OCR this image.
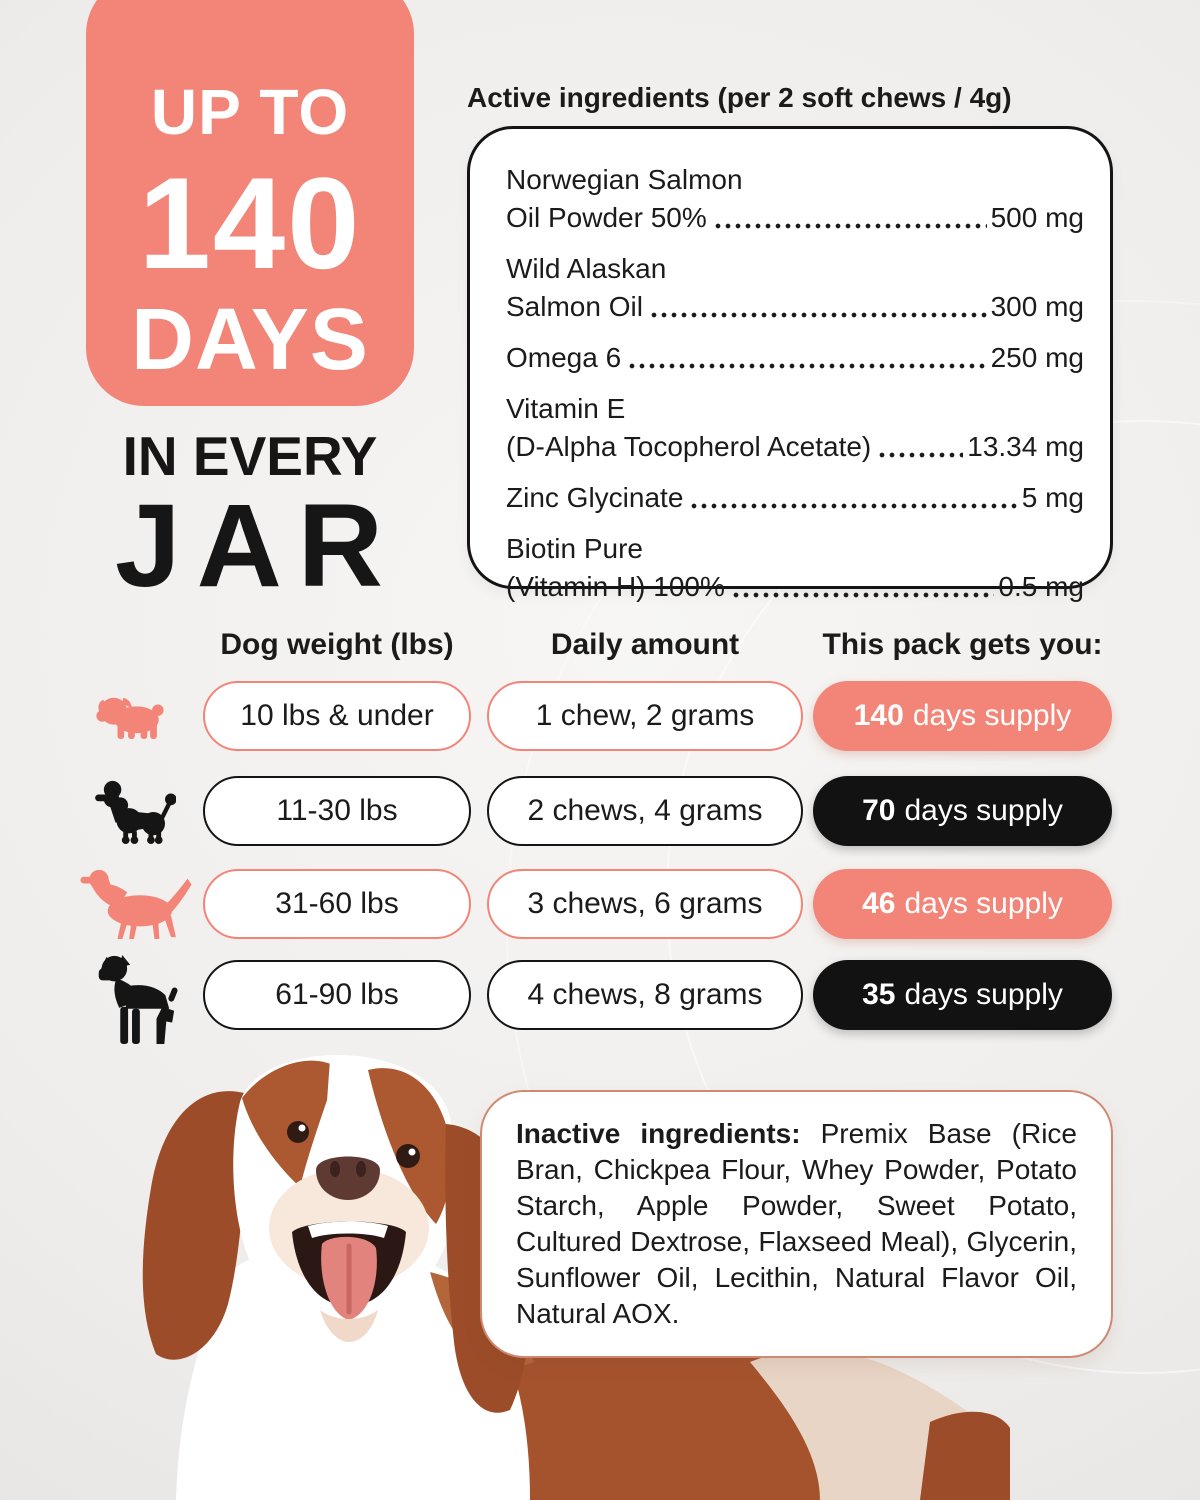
UP TO
140
DAYS
IN EVERY
JAR
Active ingredients (per 2 soft chews / 4g)
Norwegian Salmon
Oil Powder 50%	500 mg
Wild Alaskan
Salmon Oil	300 mg
Omega 6	250 mg
Vitamin E
(D-Alpha Tocopherol Acetate)	13.34 mg
Zinc Glycinate	5 mg
Biotin Pure
(Vitamin H) 100%	0.5 mg
Dog weight (lbs)	Daily amount	This pack gets you:
10 lbs & under	1 chew, 2 grams	140 days supply
11-30 lbs	2 chews, 4 grams	70 days supply
31-60 lbs	3 chews, 6 grams	46 days supply
61-90 lbs	4 chews, 8 grams	35 days supply

Inactive ingredients: Premix Base (Rice Bran, Chickpea Flour, Whey Powder, Potato Starch, Apple Powder, Sweet Potato, Cultured Dextrose, Flaxseed Meal), Glycerin, Sunflower Oil, Lecithin, Natural Flavor Oil, Natural AOX.
